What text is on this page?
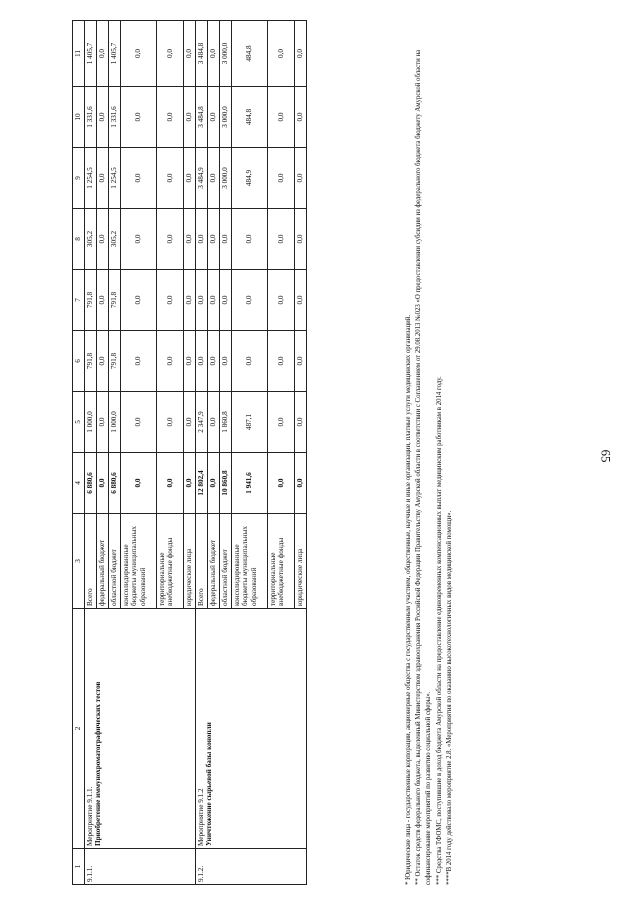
65
1	2	3	4	5	6	7	8	9	10	11
9.1.1.	Мероприятие 9.1.1. Приобретение иммунохроматографических тестов	Всего	6 880,6	1 000,0	791,8	791,8	305,2	1 254,5	1 331,6	1 405,7
		федеральный бюджет	0,0	0,0	0,0	0,0	0,0	0,0	0,0	0,0
		областной бюджет	6 880,6	1 000,0	791,8	791,8	305,2	1 254,5	1 331,6	1 405,7
		консолидированные бюджеты муниципальных образований	0,0	0,0	0,0	0,0	0,0	0,0	0,0	0,0
		территориальные внебюджетные фонды	0,0	0,0	0,0	0,0	0,0	0,0	0,0	0,0
		юридические лица	0,0	0,0	0,0	0,0	0,0	0,0	0,0	0,0
9.1.2.	Мероприятие 9.1.2 Уничтожение сырьевой базы конопли	Всего	12 802,4	2 347,9	0,0	0,0	0,0	3 484,9	3 484,8	3 484,8
		федеральный бюджет	0,0	0,0	0,0	0,0	0,0	0,0	0,0	0,0
		областной бюджет	10 860,8	1 860,8	0,0	0,0	0,0	3 000,0	3 000,0	3 000,0
		консолидированные бюджеты муниципальных образований	1 941,6	487,1	0,0	0,0	0,0	484,9	484,8	484,8
		территориальные внебюджетные фонды	0,0	0,0	0,0	0,0	0,0	0,0	0,0	0,0
		юридические лица	0,0	0,0	0,0	0,0	0,0	0,0	0,0	0,0
* Юридические лица - государственные корпорации, акционерные общества с государственным участием, общественные, научные и иные организации, платные услуги медицинских организаций. ** Остаток средств федерального бюджета, выделенный Министерством здравоохранения Российской Федерации Правительству Амурской области в соответствии с Соглашением от 29.08.2013 №023 «О предоставлении субсидии из федерального бюджета бюджету Амурской области на софинансирование мероприятий по развитию социальной сферы». *** Средства ТФОМС, поступившие в доход бюджета Амурской области на предоставление единовременных компенсационных выплат медицинским работникам в 2014 году. ****В 2014 году действовало мероприятие 2.8. «Мероприятия по оказанию высокотехнологичных видов медицинской помощи».
